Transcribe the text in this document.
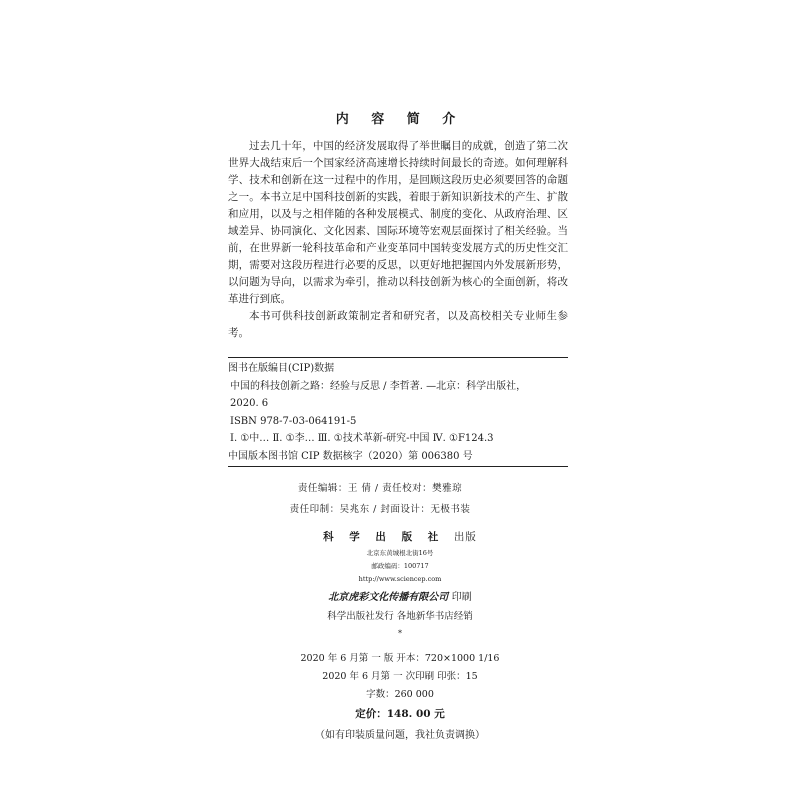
内 容 简 介

过去几十年，中国的经济发展取得了举世瞩目的成就，创造了第二次世界大战结束后一个国家经济高速增长持续时间最长的奇迹。如何理解科学、技术和创新在这一过程中的作用，是回顾这段历史必须要回答的命题之一。本书立足中国科技创新的实践，着眼于新知识新技术的产生、扩散和应用，以及与之相伴随的各种发展模式、制度的变化、从政府治理、区域差异、协同演化、文化因素、国际环境等宏观层面探讨了相关经验。当前，在世界新一轮科技革命和产业变革同中国转变发展方式的历史性交汇期，需要对这段历程进行必要的反思，以更好地把握国内外发展新形势，以问题为导向，以需求为牵引，推动以科技创新为核心的全面创新，将改革进行到底。

本书可供科技创新政策制定者和研究者，以及高校相关专业师生参考。

图书在版编目(CIP)数据
中国的科技创新之路：经验与反思 / 李哲著. —北京：科学出版社，
2020. 6
ISBN 978-7-03-064191-5
Ⅰ. ①中… Ⅱ. ①李… Ⅲ. ①技术革新-研究-中国 Ⅳ. ①F124.3
中国版本图书馆 CIP 数据核字（2020）第 006380 号
责任编辑：王 倩 / 责任校对：樊雅琼
责任印制：吴兆东 / 封面设计：无极书装
科 学 出 版 社 出版
北京东黄城根北街16号
邮政编码：100717
http://www.sciencep.com
北京虎彩文化传播有限公司 印刷
科学出版社发行 各地新华书店经销
*
2020 年 6 月第 一 版 开本：720×1000 1/16
2020 年 6 月第 一 次印刷 印张：15
字数：260 000
定价：148. 00 元
（如有印装质量问题，我社负责调换）
